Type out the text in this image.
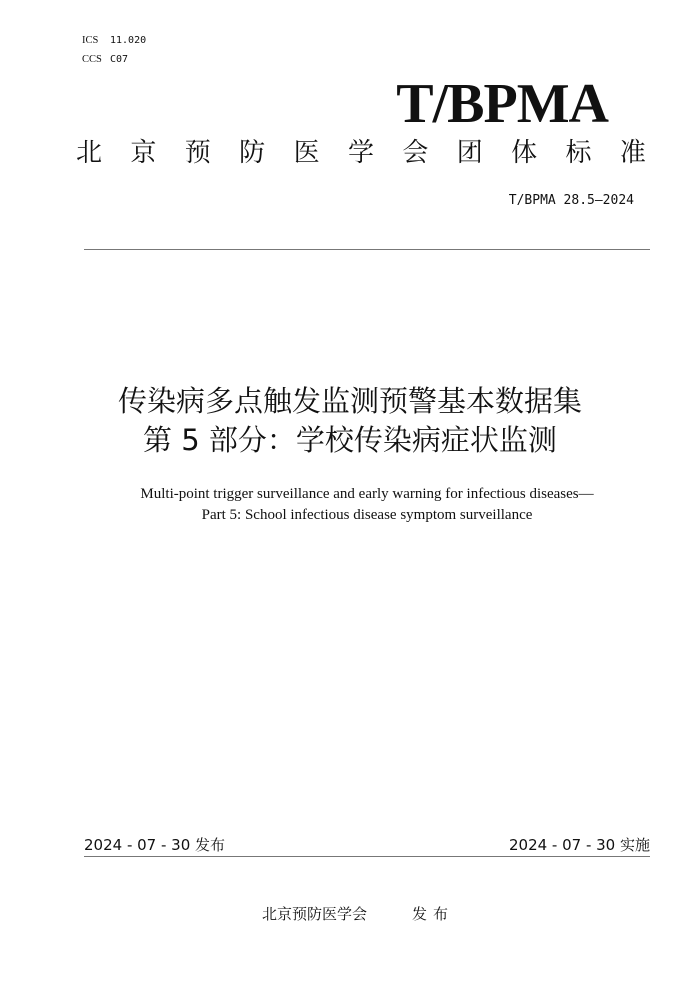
ICS 11.020
CCS C07
T/BPMA
北 京 预 防 医 学 会 团 体 标 准
T/BPMA 28.5—2024
传染病多点触发监测预警基本数据集
第 5 部分：学校传染病症状监测
Multi-point trigger surveillance and early warning for infectious diseases—
Part 5: School infectious disease symptom surveillance
2024 - 07 - 30 发布	2024 - 07 - 30 实施
北京预防医学会	发布
